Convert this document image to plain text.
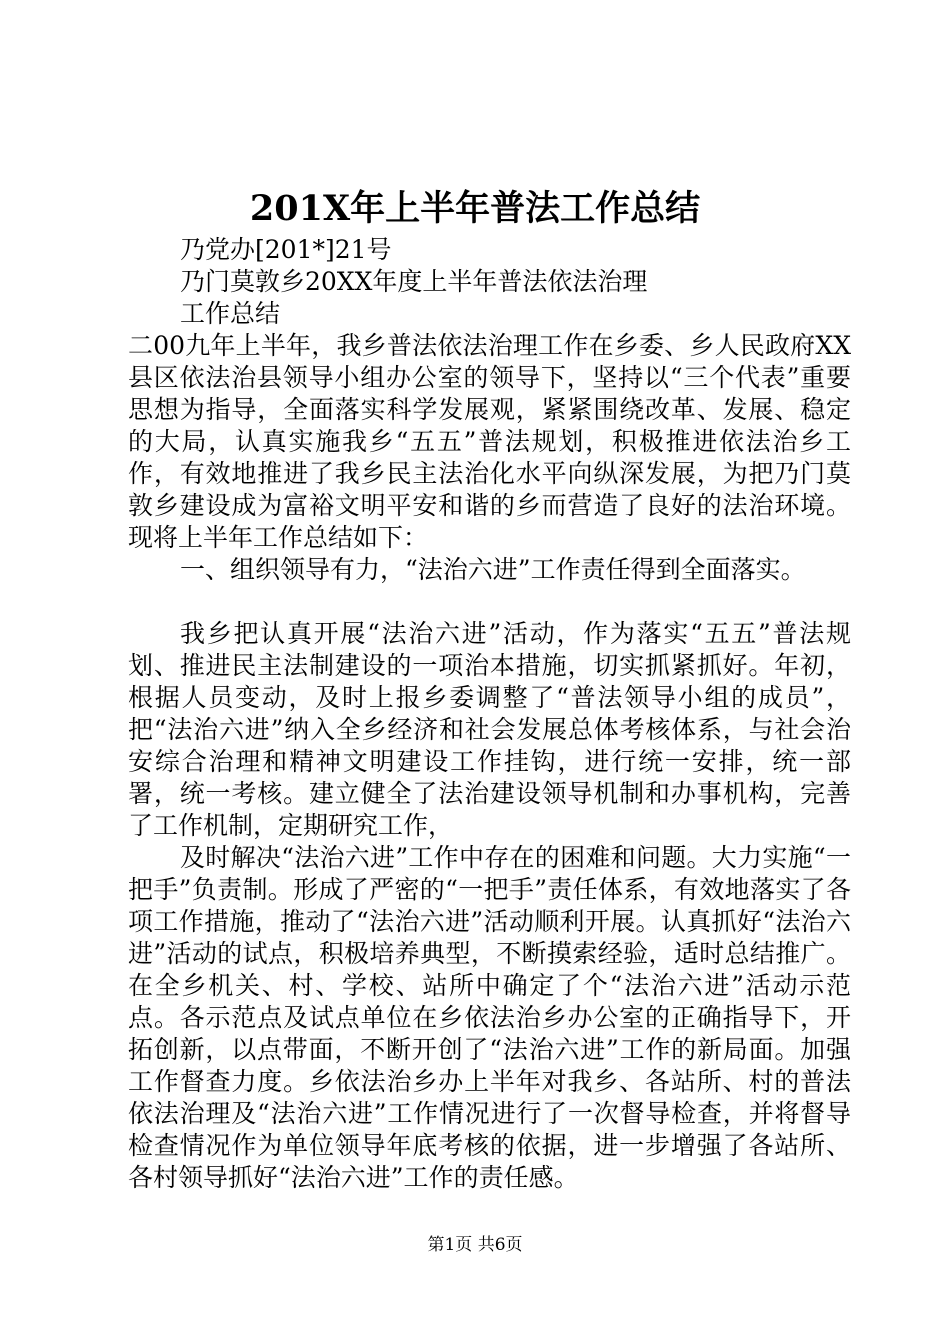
201X年上半年普法工作总结

乃党办[201*]21号

乃门莫敦乡20XX年度上半年普法依法治理

工作总结

二00九年上半年，我乡普法依法治理工作在乡委、乡人民政府XX县区依法治县领导小组办公室的领导下，坚持以“三个代表”重要思想为指导，全面落实科学发展观，紧紧围绕改革、发展、稳定的大局，认真实施我乡“五五”普法规划，积极推进依法治乡工作，有效地推进了我乡民主法治化水平向纵深发展，为把乃门莫敦乡建设成为富裕文明平安和谐的乡而营造了良好的法治环境。现将上半年工作总结如下：

一、组织领导有力，“法治六进”工作责任得到全面落实。

我乡把认真开展“法治六进”活动，作为落实“五五”普法规划、推进民主法制建设的一项治本措施，切实抓紧抓好。年初，根据人员变动，及时上报乡委调整了“普法领导小组的成员”，把“法治六进”纳入全乡经济和社会发展总体考核体系，与社会治安综合治理和精神文明建设工作挂钩，进行统一安排，统一部署，统一考核。建立健全了法治建设领导机制和办事机构，完善了工作机制，定期研究工作，

及时解决“法治六进”工作中存在的困难和问题。大力实施“一把手”负责制。形成了严密的“一把手”责任体系，有效地落实了各项工作措施，推动了“法治六进”活动顺利开展。认真抓好“法治六进”活动的试点，积极培养典型，不断摸索经验，适时总结推广。在全乡机关、村、学校、站所中确定了个“法治六进”活动示范点。各示范点及试点单位在乡依法治乡办公室的正确指导下，开拓创新，以点带面，不断开创了“法治六进”工作的新局面。加强工作督查力度。乡依法治乡办上半年对我乡、各站所、村的普法依法治理及“法治六进”工作情况进行了一次督导检查，并将督导检查情况作为单位领导年底考核的依据，进一步增强了各站所、各村领导抓好“法治六进”工作的责任感。

第1页 共6页
